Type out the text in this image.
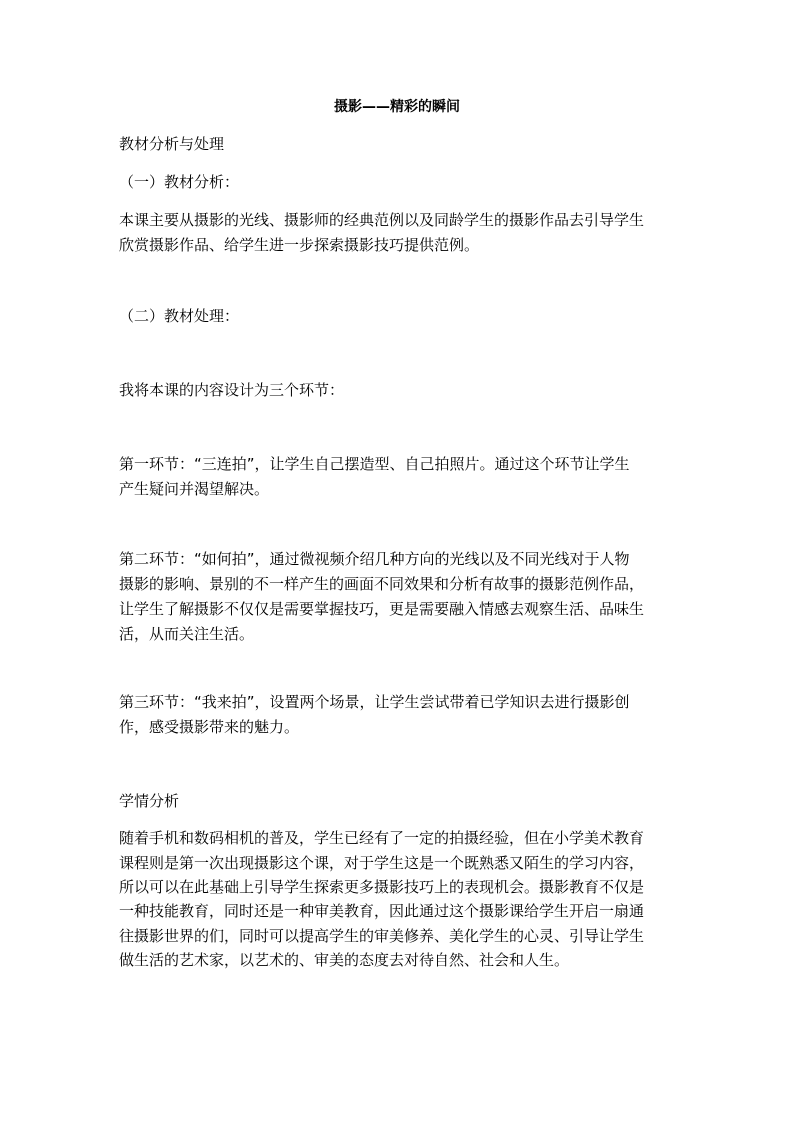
摄影——精彩的瞬间
教材分析与处理
（一）教材分析：
本课主要从摄影的光线、摄影师的经典范例以及同龄学生的摄影作品去引导学生
欣赏摄影作品、给学生进一步探索摄影技巧提供范例。
（二）教材处理：
我将本课的内容设计为三个环节：
第一环节：“三连拍”，让学生自己摆造型、自己拍照片。通过这个环节让学生
产生疑问并渴望解决。
第二环节：“如何拍”，通过微视频介绍几种方向的光线以及不同光线对于人物
摄影的影响、景别的不一样产生的画面不同效果和分析有故事的摄影范例作品，
让学生了解摄影不仅仅是需要掌握技巧，更是需要融入情感去观察生活、品味生
活，从而关注生活。
第三环节：“我来拍”，设置两个场景，让学生尝试带着已学知识去进行摄影创
作，感受摄影带来的魅力。
学情分析
随着手机和数码相机的普及，学生已经有了一定的拍摄经验，但在小学美术教育
课程则是第一次出现摄影这个课，对于学生这是一个既熟悉又陌生的学习内容，
所以可以在此基础上引导学生探索更多摄影技巧上的表现机会。摄影教育不仅是
一种技能教育，同时还是一种审美教育，因此通过这个摄影课给学生开启一扇通
往摄影世界的们，同时可以提高学生的审美修养、美化学生的心灵、引导让学生
做生活的艺术家，以艺术的、审美的态度去对待自然、社会和人生。
